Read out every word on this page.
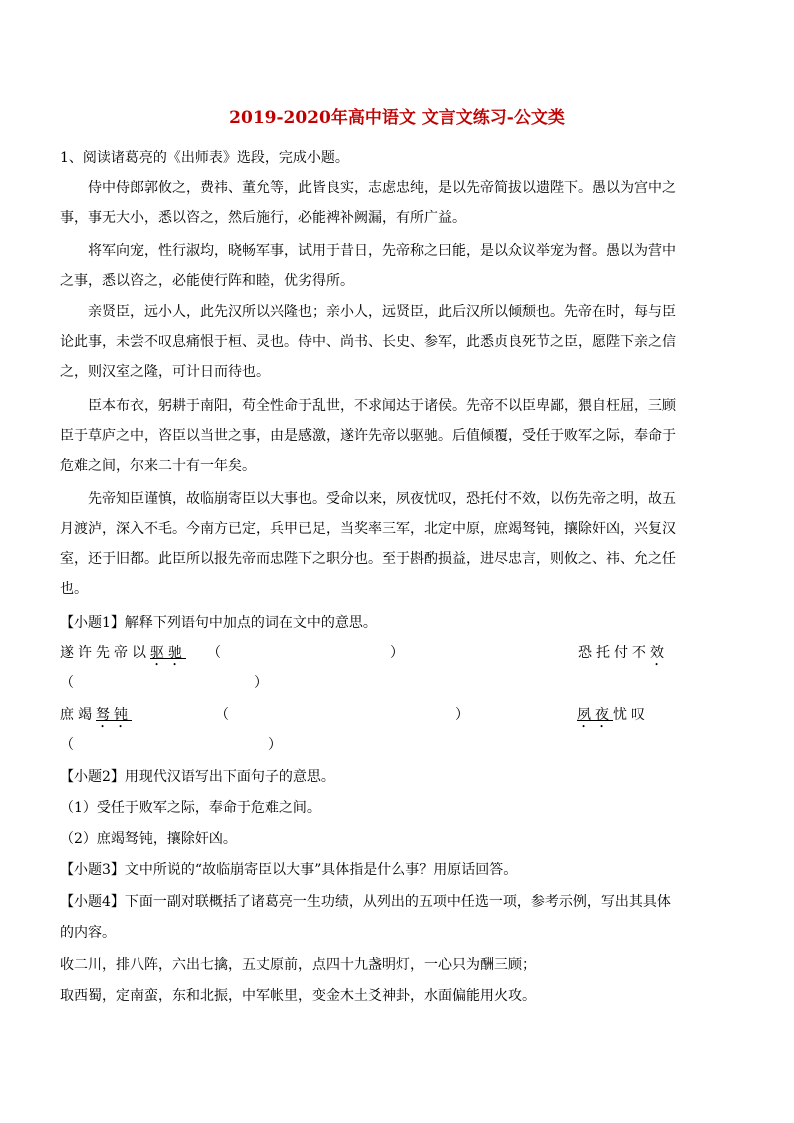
2019-2020年高中语文 文言文练习-公文类
1、阅读诸葛亮的《出师表》选段，完成小题。
侍中侍郎郭攸之，费祎、董允等，此皆良实，志虑忠纯，是以先帝简拔以遗陛下。愚以为宫中之
事，事无大小，悉以咨之，然后施行，必能裨补阙漏，有所广益。
将军向宠，性行淑均，晓畅军事，试用于昔日，先帝称之曰能，是以众议举宠为督。愚以为营中
之事，悉以咨之，必能使行阵和睦，优劣得所。
亲贤臣，远小人，此先汉所以兴隆也；亲小人，远贤臣，此后汉所以倾颓也。先帝在时，每与臣
论此事，未尝不叹息痛恨于桓、灵也。侍中、尚书、长史、参军，此悉贞良死节之臣，愿陛下亲之信
之，则汉室之隆，可计日而待也。
臣本布衣，躬耕于南阳，苟全性命于乱世，不求闻达于诸侯。先帝不以臣卑鄙，猥自枉屈，三顾
臣于草庐之中，咨臣以当世之事，由是感激，遂许先帝以驱驰。后值倾覆，受任于败军之际，奉命于
危难之间，尔来二十有一年矣。
先帝知臣谨慎，故临崩寄臣以大事也。受命以来，夙夜忧叹，恐托付不效，以伤先帝之明，故五
月渡泸，深入不毛。今南方已定，兵甲已足，当奖率三军，北定中原，庶竭驽钝，攘除奸凶，兴复汉
室，还于旧都。此臣所以报先帝而忠陛下之职分也。至于斟酌损益，进尽忠言，则攸之、祎、允之任
也。
【小题1】解释下列语句中加点的词在文中的意思。
遂许先帝以驱驰 （	）	恐托付不效
（	）
庶竭驽钝	（	）	夙夜忧叹
（	）
【小题2】用现代汉语写出下面句子的意思。
（1）受任于败军之际，奉命于危难之间。
（2）庶竭驽钝，攘除奸凶。
【小题3】文中所说的“故临崩寄臣以大事”具体指是什么事？用原话回答。
【小题4】下面一副对联概括了诸葛亮一生功绩，从列出的五项中任选一项，参考示例，写出其具体
的内容。
收二川，排八阵，六出七擒，五丈原前，点四十九盏明灯，一心只为酬三顾；
取西蜀，定南蛮，东和北振，中军帐里，变金木土爻神卦，水面偏能用火攻。
